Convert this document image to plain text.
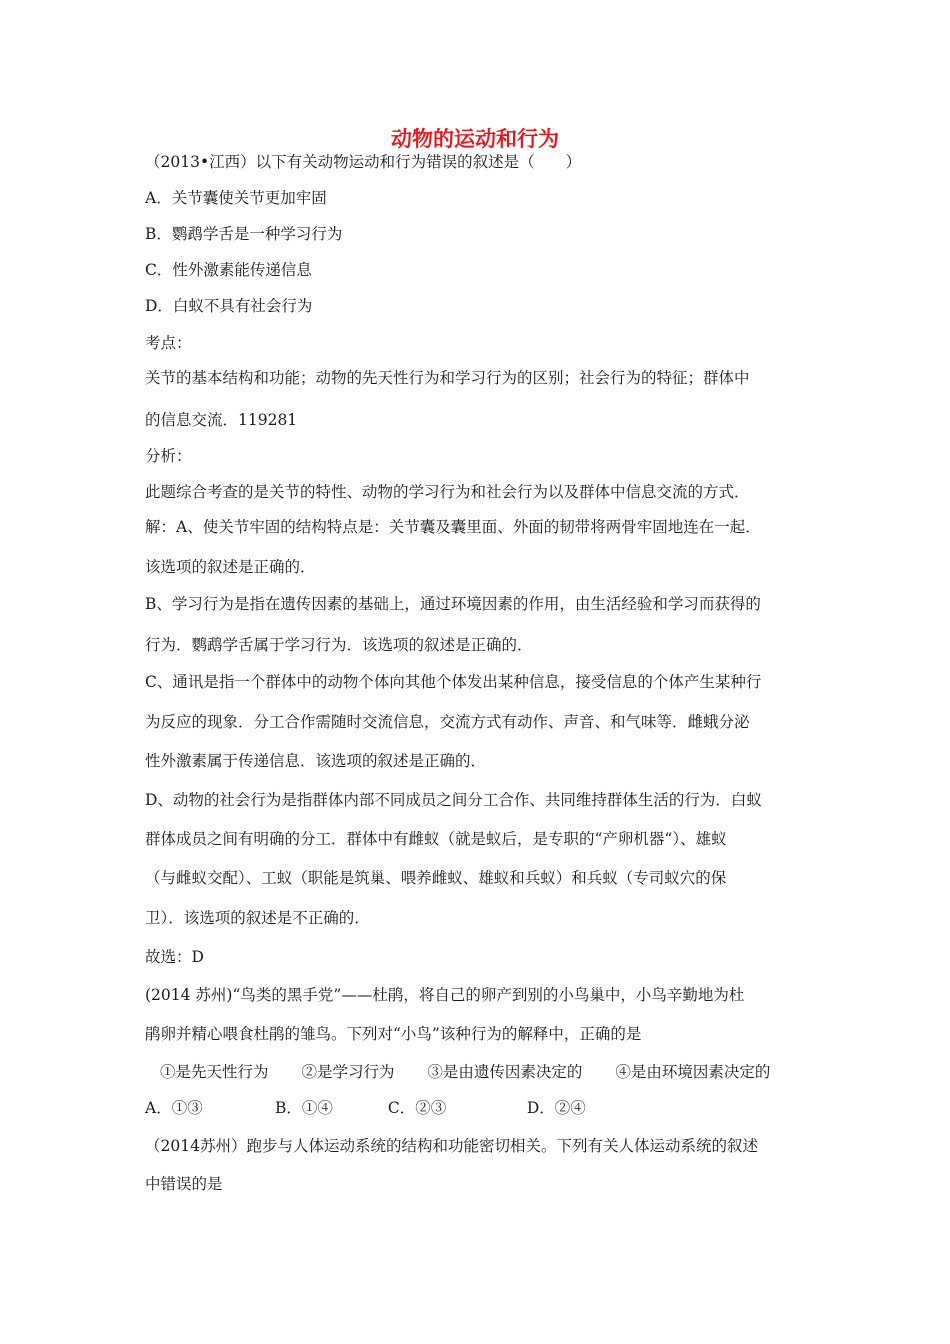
动物的运动和行为
（2013•江西）以下有关动物运动和行为错误的叙述是（　　）
A．关节囊使关节更加牢固
B．鹦鹉学舌是一种学习行为
C．性外激素能传递信息
D．白蚁不具有社会行为
考点：
关节的基本结构和功能；动物的先天性行为和学习行为的区别；社会行为的特征；群体中
的信息交流．119281
分析：
此题综合考查的是关节的特性、动物的学习行为和社会行为以及群体中信息交流的方式．
解：A、使关节牢固的结构特点是：关节囊及囊里面、外面的韧带将两骨牢固地连在一起．
该选项的叙述是正确的．
B、学习行为是指在遗传因素的基础上，通过环境因素的作用，由生活经验和学习而获得的
行为．鹦鹉学舌属于学习行为．该选项的叙述是正确的．
C、通讯是指一个群体中的动物个体向其他个体发出某种信息，接受信息的个体产生某种行
为反应的现象．分工合作需随时交流信息，交流方式有动作、声音、和气味等．雌蛾分泌
性外激素属于传递信息．该选项的叙述是正确的．
D、动物的社会行为是指群体内部不同成员之间分工合作、共同维持群体生活的行为．白蚁
群体成员之间有明确的分工．群体中有雌蚁（就是蚁后，是专职的“产卵机器“）、雄蚁
（与雌蚁交配）、工蚁（职能是筑巢、喂养雌蚁、雄蚁和兵蚁）和兵蚁（专司蚁穴的保
卫）．该选项的叙述是不正确的．
故选：D
(2014 苏州)“鸟类的黑手党”——杜鹃，将自己的卵产到别的小鸟巢中，小鸟辛勤地为杜
鹃卵并精心喂食杜鹃的雏鸟。下列对“小鸟”该种行为的解释中，正确的是
①是先天性行为 ②是学习行为 ③是由遗传因素决定的 ④是由环境因素决定的
A．①③	B．①④	C．②③	D．②④
（2014苏州）跑步与人体运动系统的结构和功能密切相关。下列有关人体运动系统的叙述
中错误的是
